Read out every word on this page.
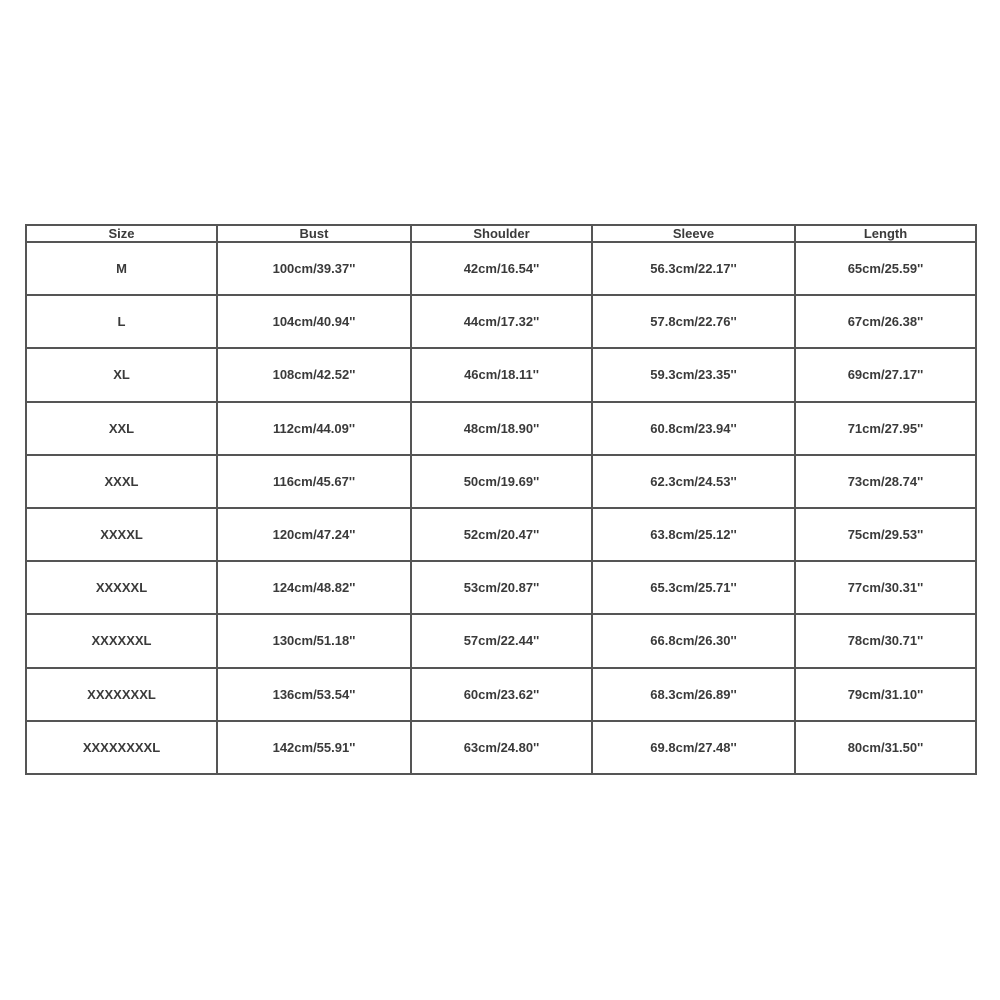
Size	Bust	Shoulder	Sleeve	Length
M	100cm/39.37''	42cm/16.54''	56.3cm/22.17''	65cm/25.59''
L	104cm/40.94''	44cm/17.32''	57.8cm/22.76''	67cm/26.38''
XL	108cm/42.52''	46cm/18.11''	59.3cm/23.35''	69cm/27.17''
XXL	112cm/44.09''	48cm/18.90''	60.8cm/23.94''	71cm/27.95''
XXXL	116cm/45.67''	50cm/19.69''	62.3cm/24.53''	73cm/28.74''
XXXXL	120cm/47.24''	52cm/20.47''	63.8cm/25.12''	75cm/29.53''
XXXXXL	124cm/48.82''	53cm/20.87''	65.3cm/25.71''	77cm/30.31''
XXXXXXL	130cm/51.18''	57cm/22.44''	66.8cm/26.30''	78cm/30.71''
XXXXXXXL	136cm/53.54''	60cm/23.62''	68.3cm/26.89''	79cm/31.10''
XXXXXXXXL	142cm/55.91''	63cm/24.80''	69.8cm/27.48''	80cm/31.50''
